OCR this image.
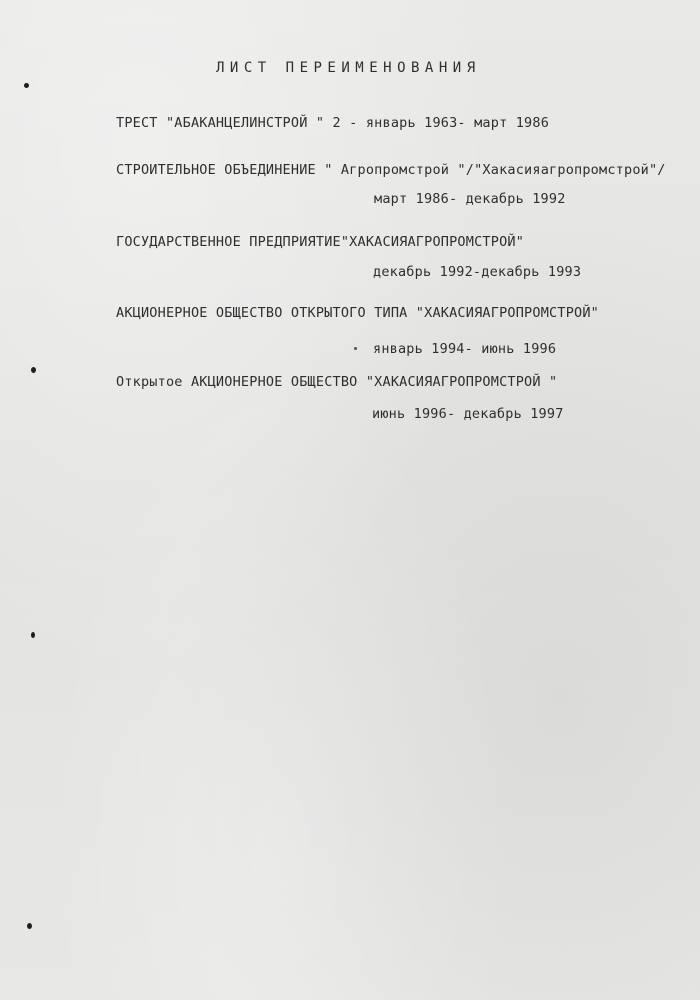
ЛИСТ ПЕРЕИМЕНОВАНИЯ
ТРЕСТ "АБАКАНЦЕЛИНСТРОЙ " 2 - январь 1963- март 1986
СТРОИТЕЛЬНОЕ ОБЪЕДИНЕНИЕ " Агропромстрой "/"Хакасияагропромстрой"/
март 1986- декабрь 1992
ГОСУДАРСТВЕННОЕ ПРЕДПРИЯТИЕ"ХАКАСИЯАГРОПРОМСТРОЙ"
декабрь 1992-декабрь 1993
АКЦИОНЕРНОЕ ОБЩЕСТВО ОТКРЫТОГО ТИПА "ХАКАСИЯАГРОПРОМСТРОЙ"
январь 1994- июнь 1996
Открытое АКЦИОНЕРНОЕ ОБЩЕСТВО "ХАКАСИЯАГРОПРОМСТРОЙ "
июнь 1996- декабрь 1997
